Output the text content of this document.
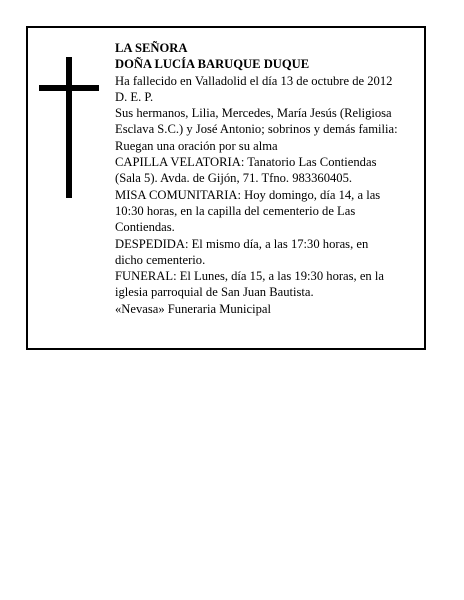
LA SEÑORA
DOÑA LUCÍA BARUQUE DUQUE
Ha fallecido en Valladolid el día 13 de octubre de 2012
D. E. P.
Sus hermanos, Lilia, Mercedes, María Jesús (Religiosa
Esclava S.C.) y José Antonio; sobrinos y demás familia:
Ruegan una oración por su alma
CAPILLA VELATORIA: Tanatorio Las Contiendas
(Sala 5). Avda. de Gijón, 71. Tfno. 983360405.
MISA COMUNITARIA: Hoy domingo, día 14, a las
10:30 horas, en la capilla del cementerio de Las
Contiendas.
DESPEDIDA: El mismo día, a las 17:30 horas, en
dicho cementerio.
FUNERAL: El Lunes, día 15, a las 19:30 horas, en la
iglesia parroquial de San Juan Bautista.
«Nevasa» Funeraria Municipal
